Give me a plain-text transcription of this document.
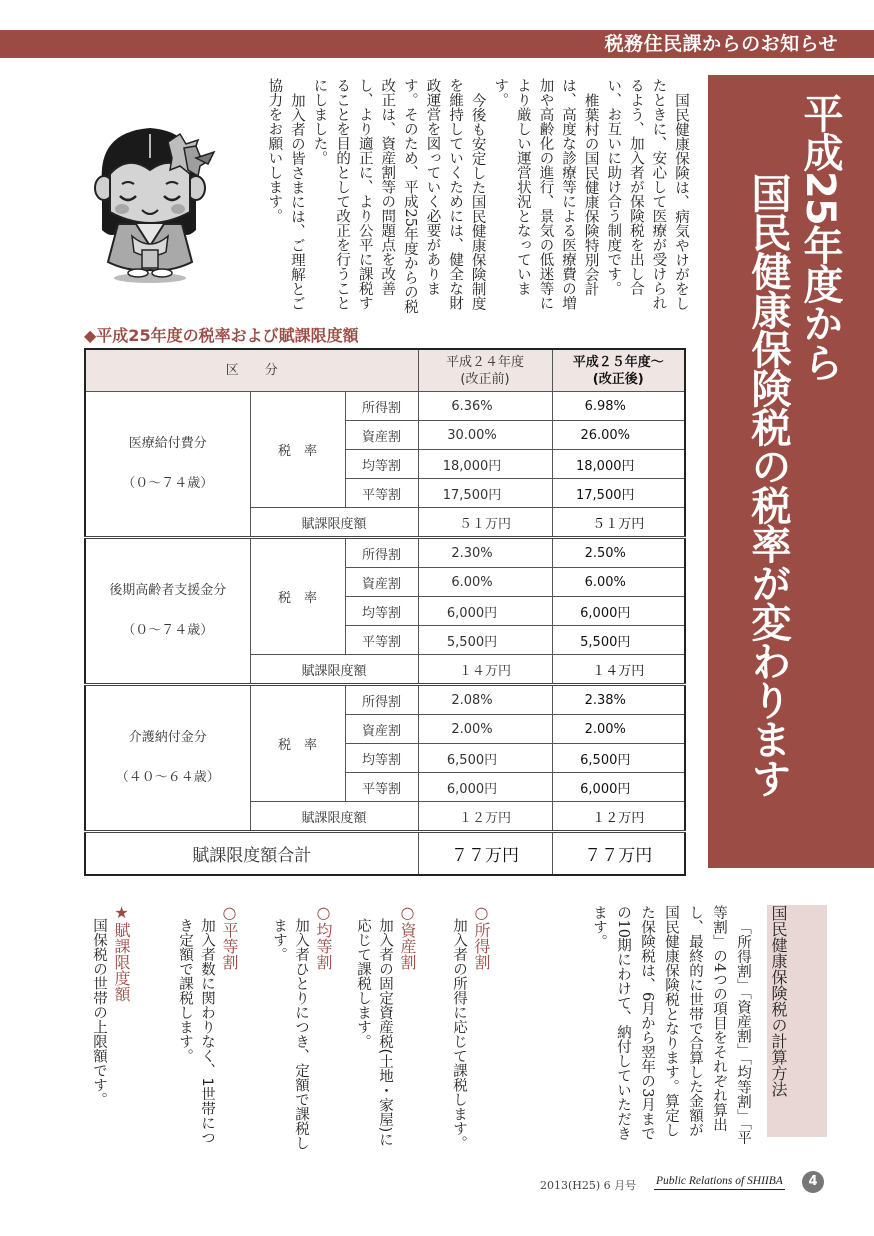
税務住民課からのお知らせ
平成25年度から
国民健康保険税の税率が変わります

国民健康保険は、病気やけがをしたときに、安心して医療が受けられるよう、加入者が保険税を出し合い、お互いに助け合う制度です。

椎葉村の国民健康保険特別会計は、高度な診療等による医療費の増加や高齢化の進行、景気の低迷等により厳しい運営状況となっています。

今後も安定した国民健康保険制度を維持していくためには、健全な財政運営を図っていく必要があります。そのため、平成25年度からの税改正は、資産割等の問題点を改善し、より適正に、より公平に課税することを目的として改正を行うことにしました。

加入者の皆さまには、ご理解とご協力をお願いします。

◆平成25年度の税率および賦課限度額
区　　分			平成２４年度
(改正前)	平成２５年度～
(改正後)
医療給付費分
（０～７４歳）	税　率	所得割	6.36%	6.98%
		資産割	30.00%	26.00%
		均等割	18,000円	18,000円
		平等割	17,500円	17,500円
	賦課限度額		５１万円	５１万円
後期高齢者支援金分
（０～７４歳）	税　率	所得割	2.30%	2.50%
		資産割	6.00%	6.00%
		均等割	6,000円	6,000円
		平等割	5,500円	5,500円
	賦課限度額		１４万円	１４万円
介護納付金分
（４０～６４歳）	税　率	所得割	2.08%	2.38%
		資産割	2.00%	2.00%
		均等割	6,500円	6,500円
		平等割	6,000円	6,000円
	賦課限度額		１２万円	１２万円
賦課限度額合計			７７万円	７７万円
○所得割
加入者の所得に応じて課税します。
○資産割
加入者の固定資産税(土地・家屋)に応じて課税します。
○均等割
加入者ひとりにつき、定額で課税します。
○平等割
加入者数に関わりなく、1世帯につき定額で課税します。
★賦課限度額
国保税の世帯の上限額です。	「所得割」「資産割」「均等割」「平等割」の4つの項目をそれぞれ算出し、最終的に世帯で合算した金額が国民健康保険税となります。算定した保険税は、6月から翌年の3月までの10期にわけて、納付していただきます。	国民健康保険税の
計算方法
2013(H25) 6 月号 Public Relations of SHIIBA	4
